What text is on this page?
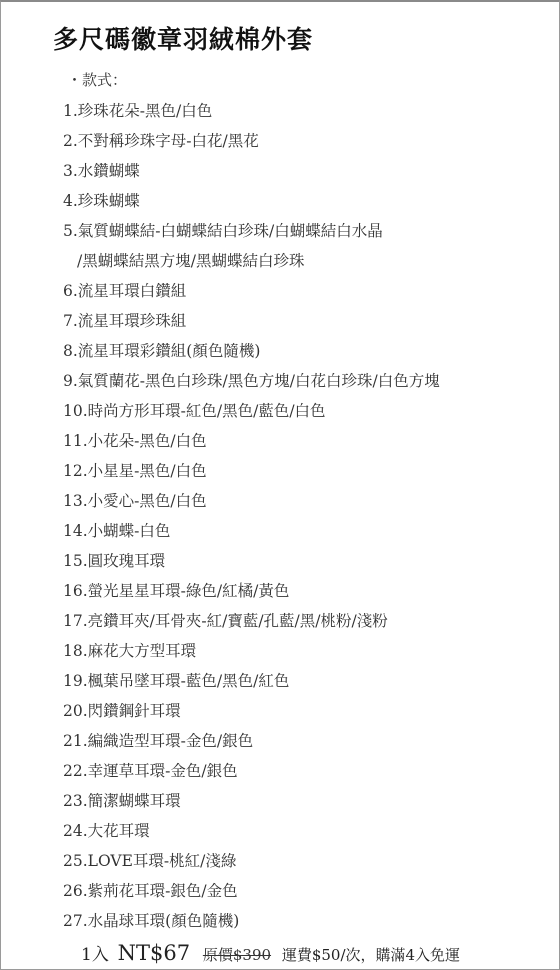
多尺碼徽章羽絨棉外套
・款式：
1.珍珠花朵-黑色/白色
2.不對稱珍珠字母-白花/黑花
3.水鑽蝴蝶
4.珍珠蝴蝶
5.氣質蝴蝶結-白蝴蝶結白珍珠/白蝴蝶結白水晶
/黑蝴蝶結黑方塊/黑蝴蝶結白珍珠
6.流星耳環白鑽組
7.流星耳環珍珠組
8.流星耳環彩鑽組(顏色隨機)
9.氣質蘭花-黑色白珍珠/黑色方塊/白花白珍珠/白色方塊
10.時尚方形耳環-紅色/黑色/藍色/白色
11.小花朵-黑色/白色
12.小星星-黑色/白色
13.小愛心-黑色/白色
14.小蝴蝶-白色
15.圓玫瑰耳環
16.螢光星星耳環-綠色/紅橘/黃色
17.亮鑽耳夾/耳骨夾-紅/寶藍/孔藍/黑/桃粉/淺粉
18.麻花大方型耳環
19.楓葉吊墜耳環-藍色/黑色/紅色
20.閃鑽鋼針耳環
21.編織造型耳環-金色/銀色
22.幸運草耳環-金色/銀色
23.簡潔蝴蝶耳環
24.大花耳環
25.LOVE耳環-桃紅/淺綠
26.紫荊花耳環-銀色/金色
27.水晶球耳環(顏色隨機)
1入 NT$67 原價$390 運費$50/次，購滿4入免運
